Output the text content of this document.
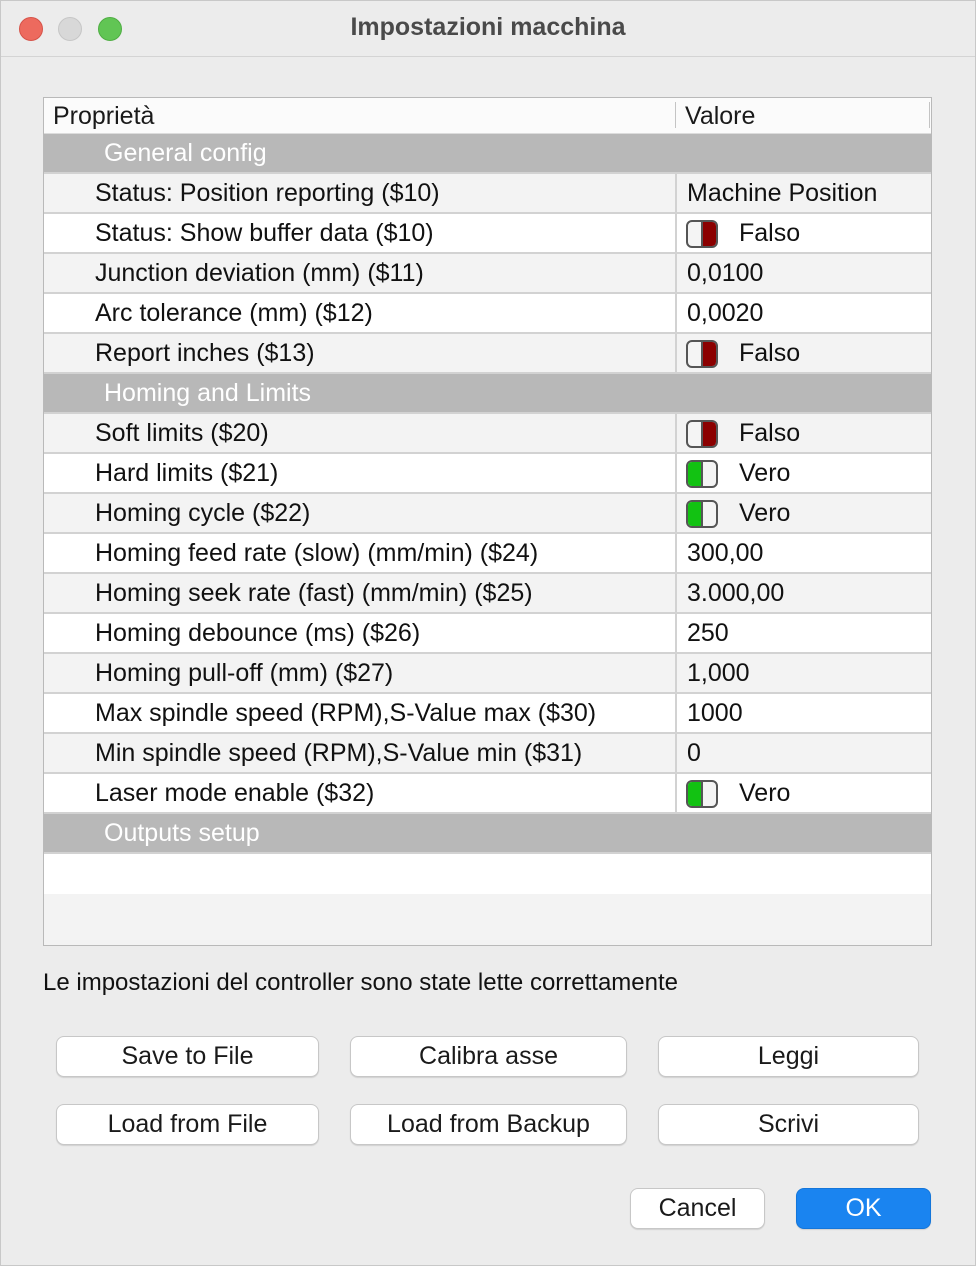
Impostazioni macchina
Proprietà	Valore
General config
Status: Position reporting ($10)	Machine Position
Status: Show buffer data ($10)	Falso
Junction deviation (mm) ($11)	0,0100
Arc tolerance (mm) ($12)	0,0020
Report inches ($13)	Falso
Homing and Limits
Soft limits ($20)	Falso
Hard limits ($21)	Vero
Homing cycle ($22)	Vero
Homing feed rate (slow) (mm/min) ($24)	300,00
Homing seek rate (fast) (mm/min) ($25)	3.000,00
Homing debounce (ms) ($26)	250
Homing pull-off (mm) ($27)	1,000
Max spindle speed (RPM),S-Value max ($30)	1000
Min spindle speed (RPM),S-Value min ($31)	0
Laser mode enable ($32)	Vero
Outputs setup
Le impostazioni del controller sono state lette correttamente
Save to File	Calibra asse	Leggi
Load from File	Load from Backup	Scrivi
Cancel	OK
